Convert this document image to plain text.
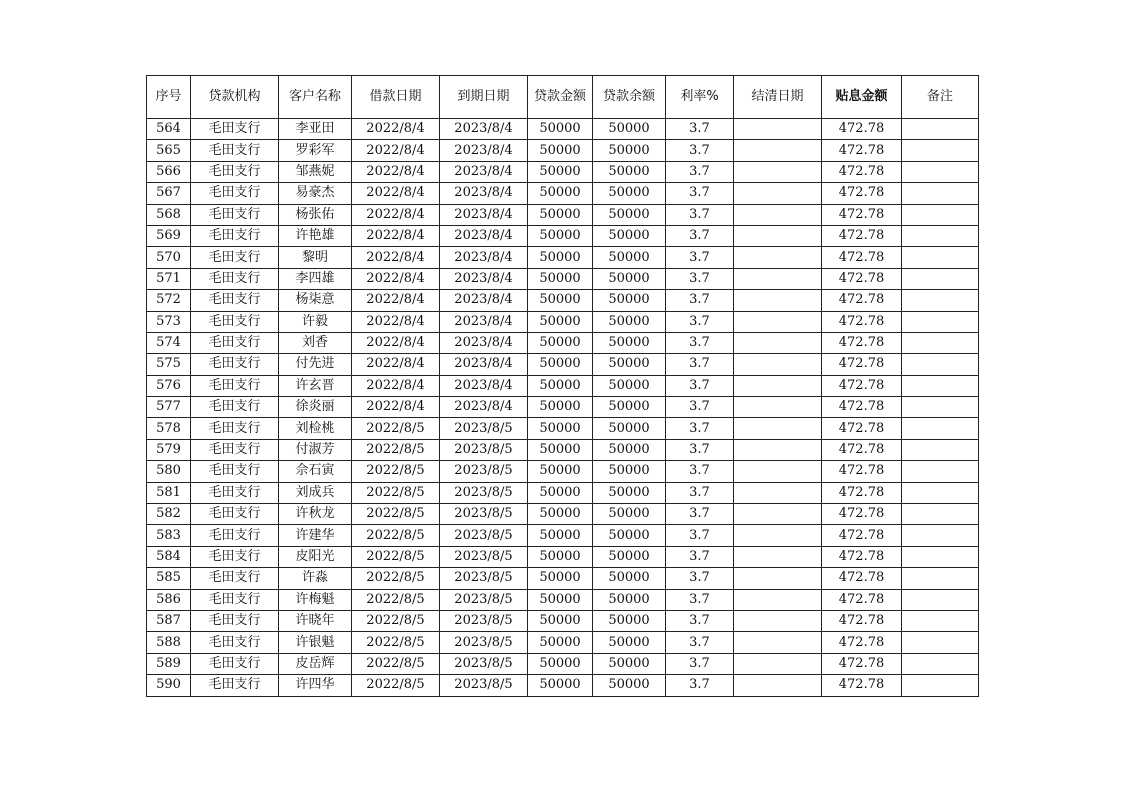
序号	贷款机构	客户名称	借款日期	到期日期	贷款金额	贷款余额	利率%	结清日期	贴息金额	备注
564	毛田支行	李亚田	2022/8/4	2023/8/4	50000	50000	3.7		472.78	
565	毛田支行	罗彩军	2022/8/4	2023/8/4	50000	50000	3.7		472.78	
566	毛田支行	邹燕妮	2022/8/4	2023/8/4	50000	50000	3.7		472.78	
567	毛田支行	易豪杰	2022/8/4	2023/8/4	50000	50000	3.7		472.78	
568	毛田支行	杨张佑	2022/8/4	2023/8/4	50000	50000	3.7		472.78	
569	毛田支行	许艳雄	2022/8/4	2023/8/4	50000	50000	3.7		472.78	
570	毛田支行	黎明	2022/8/4	2023/8/4	50000	50000	3.7		472.78	
571	毛田支行	李四雄	2022/8/4	2023/8/4	50000	50000	3.7		472.78	
572	毛田支行	杨柒意	2022/8/4	2023/8/4	50000	50000	3.7		472.78	
573	毛田支行	许毅	2022/8/4	2023/8/4	50000	50000	3.7		472.78	
574	毛田支行	刘香	2022/8/4	2023/8/4	50000	50000	3.7		472.78	
575	毛田支行	付先进	2022/8/4	2023/8/4	50000	50000	3.7		472.78	
576	毛田支行	许玄晋	2022/8/4	2023/8/4	50000	50000	3.7		472.78	
577	毛田支行	徐炎丽	2022/8/4	2023/8/4	50000	50000	3.7		472.78	
578	毛田支行	刘检桃	2022/8/5	2023/8/5	50000	50000	3.7		472.78	
579	毛田支行	付淑芳	2022/8/5	2023/8/5	50000	50000	3.7		472.78	
580	毛田支行	佘石寅	2022/8/5	2023/8/5	50000	50000	3.7		472.78	
581	毛田支行	刘成兵	2022/8/5	2023/8/5	50000	50000	3.7		472.78	
582	毛田支行	许秋龙	2022/8/5	2023/8/5	50000	50000	3.7		472.78	
583	毛田支行	许建华	2022/8/5	2023/8/5	50000	50000	3.7		472.78	
584	毛田支行	皮阳光	2022/8/5	2023/8/5	50000	50000	3.7		472.78	
585	毛田支行	许淼	2022/8/5	2023/8/5	50000	50000	3.7		472.78	
586	毛田支行	许梅魁	2022/8/5	2023/8/5	50000	50000	3.7		472.78	
587	毛田支行	许晓年	2022/8/5	2023/8/5	50000	50000	3.7		472.78	
588	毛田支行	许银魁	2022/8/5	2023/8/5	50000	50000	3.7		472.78	
589	毛田支行	皮岳辉	2022/8/5	2023/8/5	50000	50000	3.7		472.78	
590	毛田支行	许四华	2022/8/5	2023/8/5	50000	50000	3.7		472.78	
